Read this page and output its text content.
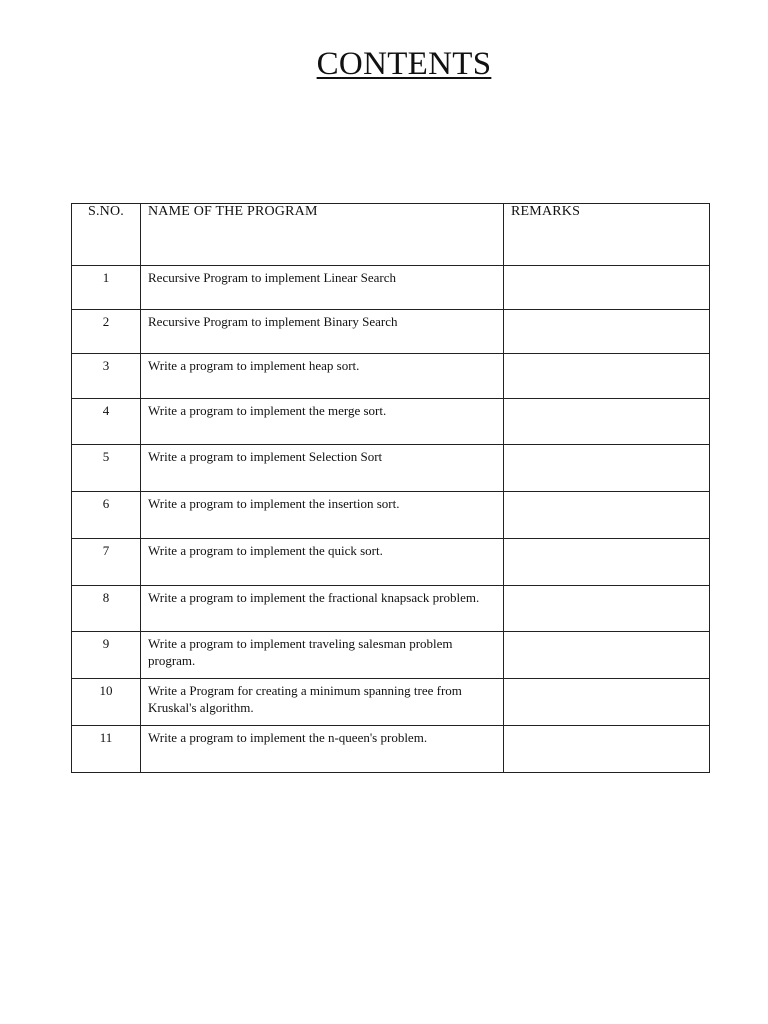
CONTENTS
S.NO.	NAME OF THE PROGRAM	REMARKS
1	Recursive Program to implement Linear Search	
2	Recursive Program to implement Binary Search	
3	Write a program to implement heap sort.	
4	Write a program to implement the merge sort.	
5	Write a program to implement Selection Sort	
6	Write a program to implement the insertion sort.	
7	Write a program to implement the quick sort.	
8	Write a program to implement the fractional knapsack problem.	
9	Write a program to implement traveling salesman problem program.	
10	Write a Program for creating a minimum spanning tree from Kruskal's algorithm.	
11	Write a program to implement the n-queen's problem.	
